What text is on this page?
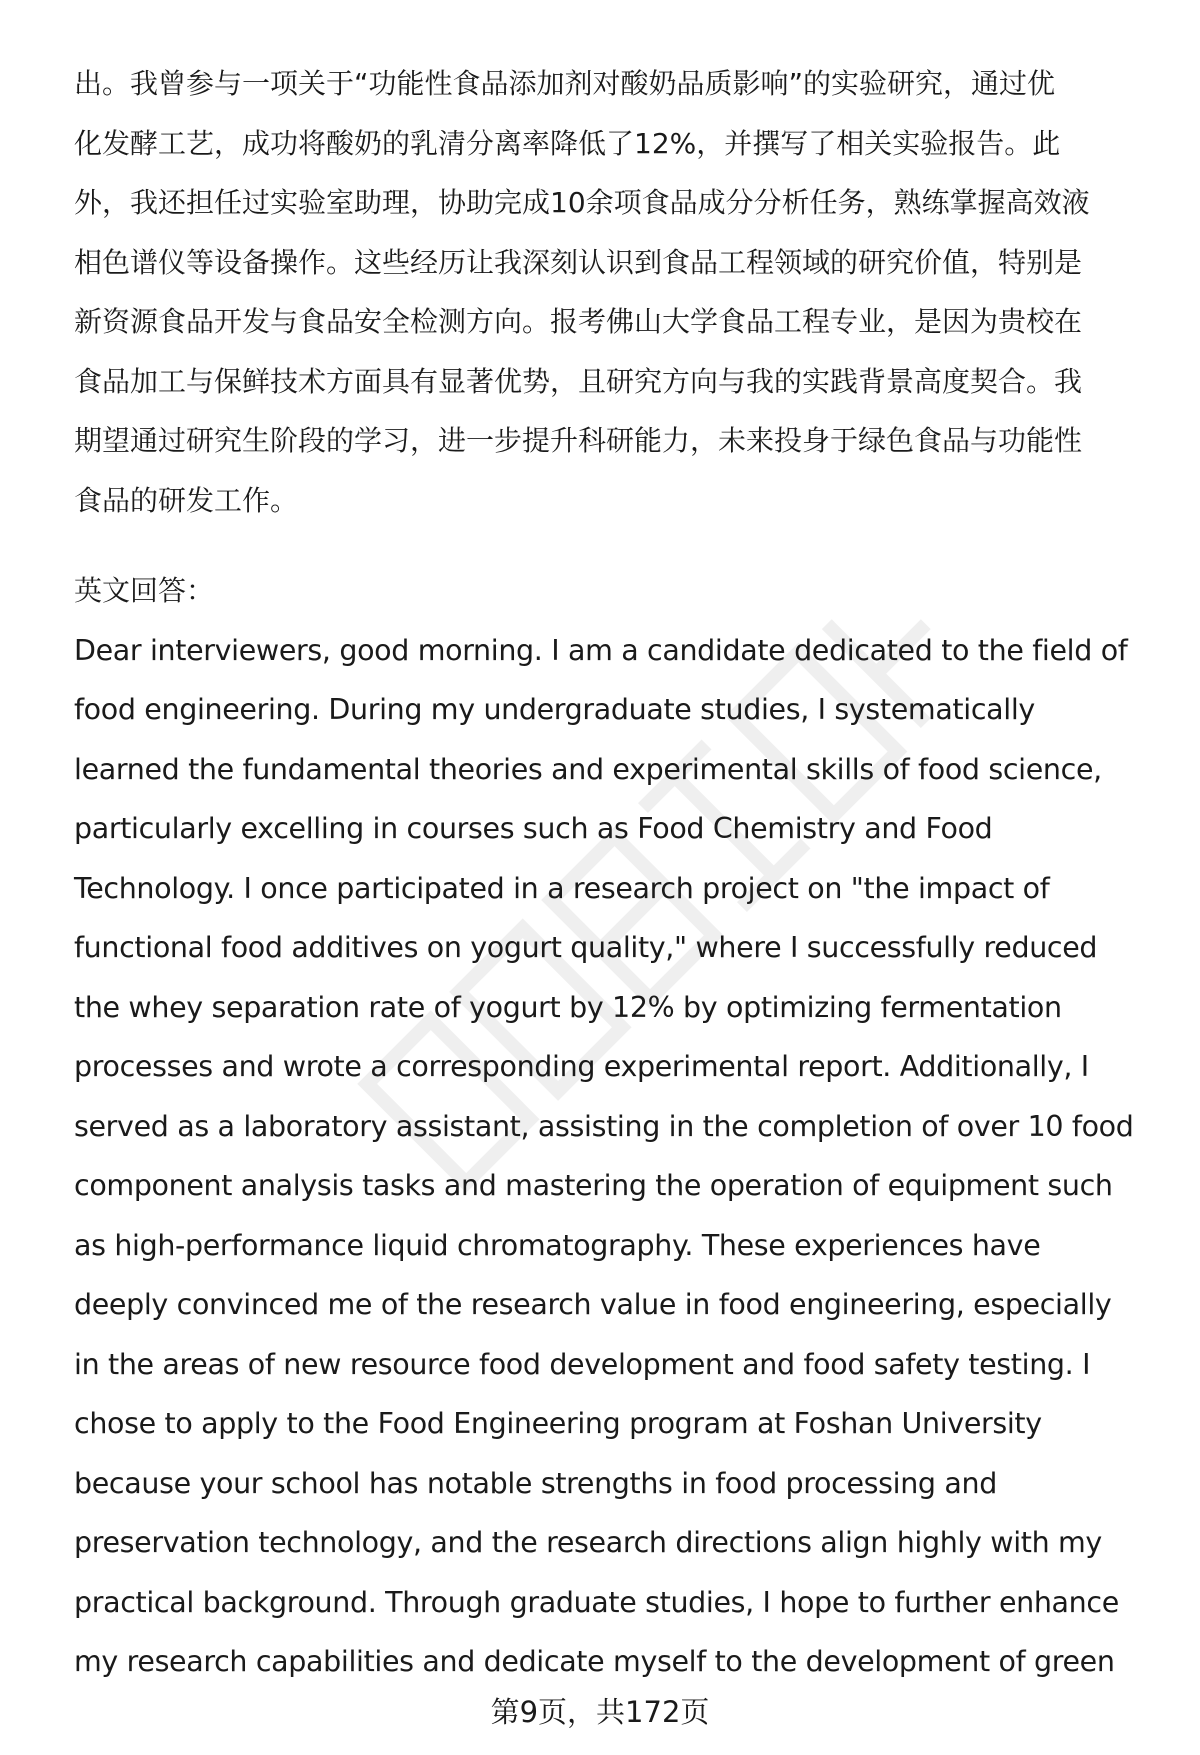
出。我曾参与一项关于“功能性食品添加剂对酸奶品质影响”的实验研究，通过优
化发酵工艺，成功将酸奶的乳清分离率降低了12%，并撰写了相关实验报告。此
外，我还担任过实验室助理，协助完成10余项食品成分分析任务，熟练掌握高效液
相色谱仪等设备操作。这些经历让我深刻认识到食品工程领域的研究价值，特别是
新资源食品开发与食品安全检测方向。报考佛山大学食品工程专业，是因为贵校在
食品加工与保鲜技术方面具有显著优势，且研究方向与我的实践背景高度契合。我
期望通过研究生阶段的学习，进一步提升科研能力，未来投身于绿色食品与功能性
食品的研发工作。
英文回答：
Dear interviewers, good morning. I am a candidate dedicated to the field of
food engineering. During my undergraduate studies, I systematically
learned the fundamental theories and experimental skills of food science,
particularly excelling in courses such as Food Chemistry and Food
Technology. I once participated in a research project on "the impact of
functional food additives on yogurt quality," where I successfully reduced
the whey separation rate of yogurt by 12% by optimizing fermentation
processes and wrote a corresponding experimental report. Additionally, I
served as a laboratory assistant, assisting in the completion of over 10 food
component analysis tasks and mastering the operation of equipment such
as high-performance liquid chromatography. These experiences have
deeply convinced me of the research value in food engineering, especially
in the areas of new resource food development and food safety testing. I
chose to apply to the Food Engineering program at Foshan University
because your school has notable strengths in food processing and
preservation technology, and the research directions align highly with my
practical background. Through graduate studies, I hope to further enhance
my research capabilities and dedicate myself to the development of green
第9页，共172页
